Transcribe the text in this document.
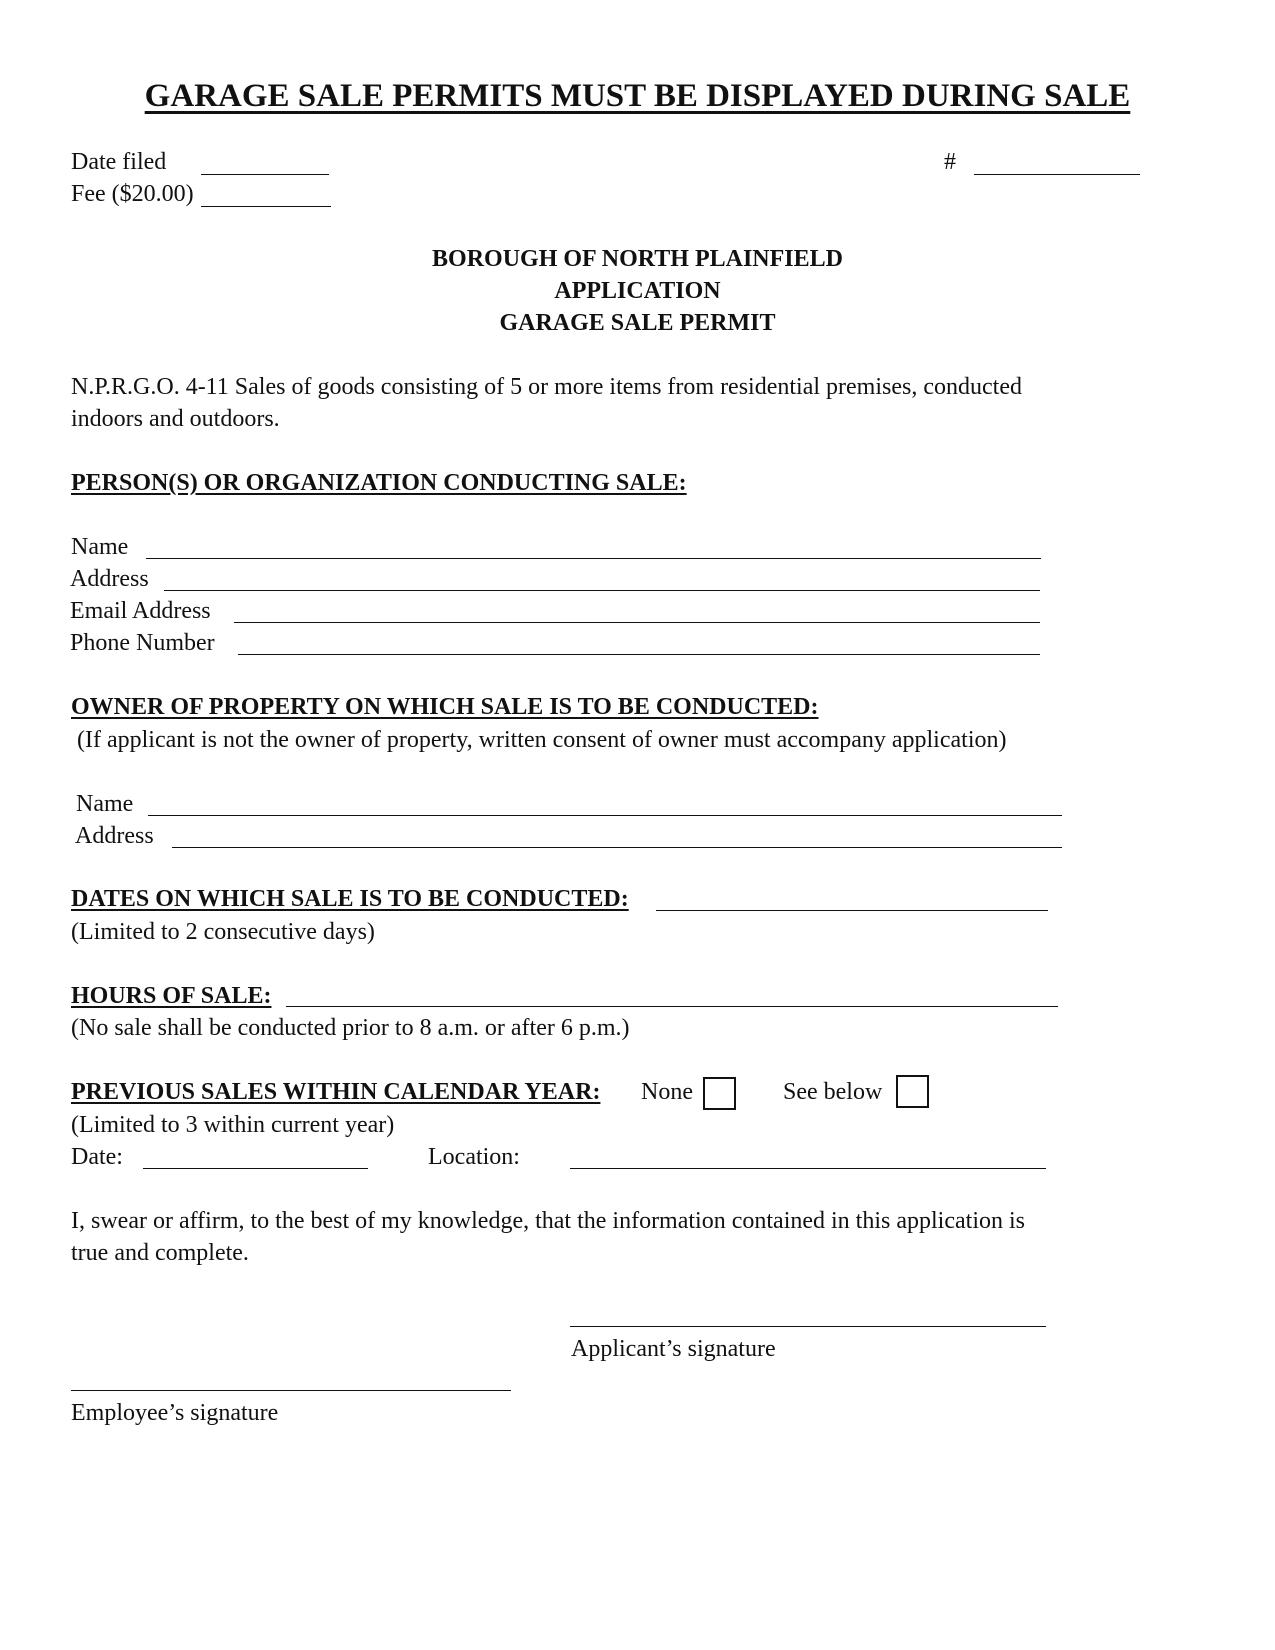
GARAGE SALE PERMITS MUST BE DISPLAYED DURING SALE
Date filed
Fee ($20.00)
#
BOROUGH OF NORTH PLAINFIELD
APPLICATION
GARAGE SALE PERMIT
N.P.R.G.O. 4-11 Sales of goods consisting of 5 or more items from residential premises, conducted
indoors and outdoors.
PERSON(S) OR ORGANIZATION CONDUCTING SALE:
Name
Address
Email Address
Phone Number
OWNER OF PROPERTY ON WHICH SALE IS TO BE CONDUCTED:
(If applicant is not the owner of property, written consent of owner must accompany application)
Name
Address
DATES ON WHICH SALE IS TO BE CONDUCTED:
(Limited to 2 consecutive days)
HOURS OF SALE:
(No sale shall be conducted prior to 8 a.m. or after 6 p.m.)
PREVIOUS SALES WITHIN CALENDAR YEAR: None	See below
(Limited to 3 within current year)
Date:	Location:
I, swear or affirm, to the best of my knowledge, that the information contained in this application is
true and complete.
Applicant’s signature
Employee’s signature
